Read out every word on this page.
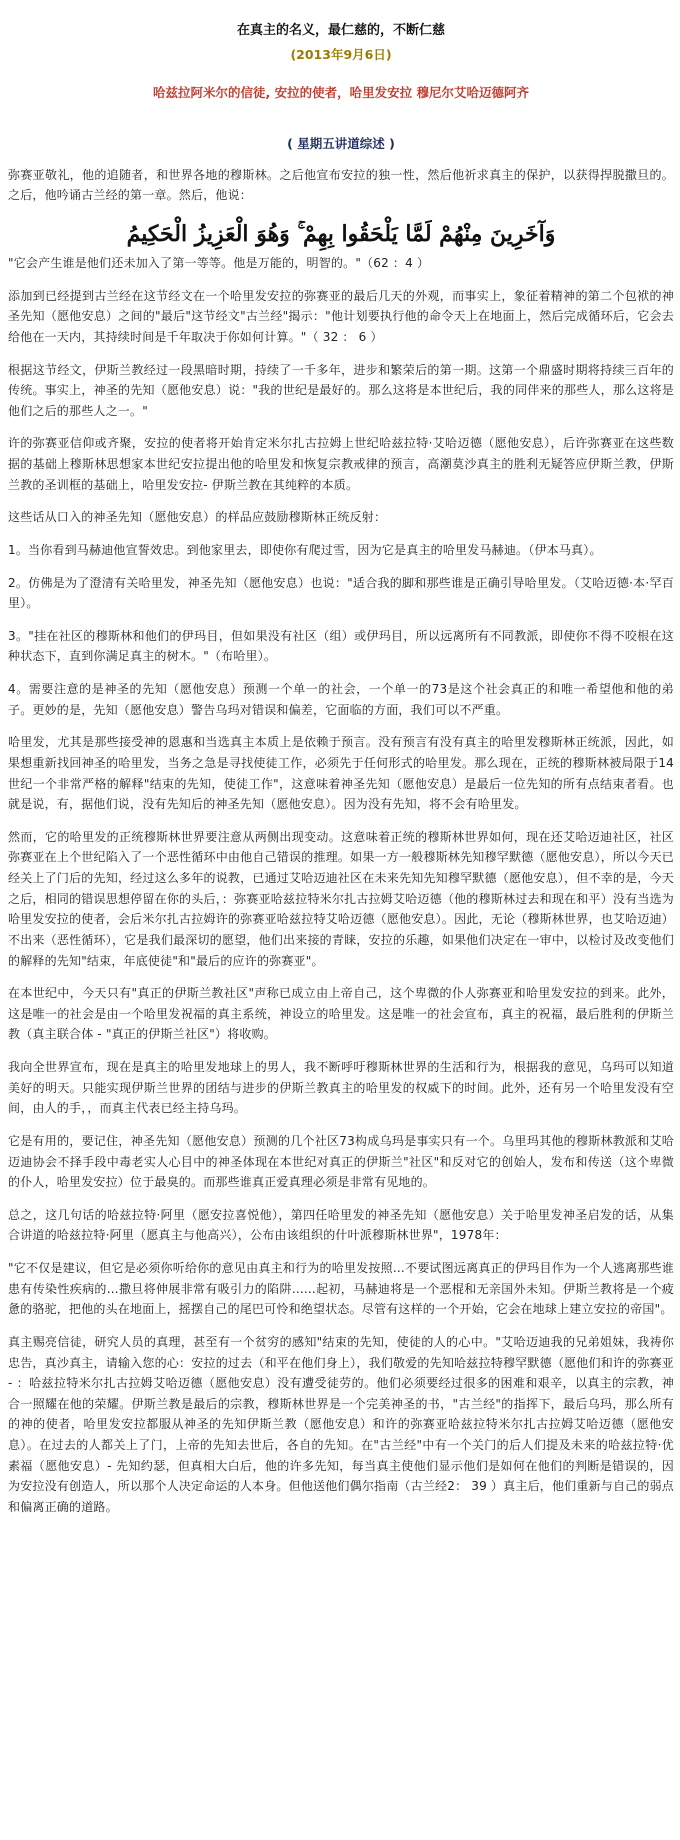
在真主的名义，最仁慈的，不断仁慈
(2013年9月6日)
哈兹拉阿米尔的信徒, 安拉的使者，哈里发安拉 穆尼尔艾哈迈德阿齐
( 星期五讲道综述 )

弥赛亚敬礼，他的追随者，和世界各地的穆斯林。之后他宣布安拉的独一性，然后他祈求真主的保护，以获得捍脱撒旦的。之后，他吟诵古兰经的第一章。然后，他说：

وَآخَرِينَ مِنْهُمْ لَمَّا يَلْحَقُوا بِهِمْ ۚ وَهُوَ الْعَزِيزُ الْحَكِيمُ

"它会产生谁是他们还未加入了第一等等。他是万能的，明智的。"（62 ：4 ）

添加到已经提到古兰经在这节经文在一个哈里发安拉的弥赛亚的最后几天的外观，而事实上，象征着精神的第二个包袱的神圣先知（愿他安息）之间的"最后"这节经文"古兰经"揭示："他计划要执行他的命令天上在地面上，然后完成循环后，它会去给他在一天内，其持续时间是千年取决于你如何计算。"（ 32 ： 6 ）

根据这节经文，伊斯兰教经过一段黑暗时期，持续了一千多年，进步和繁荣后的第一期。这第一个鼎盛时期将持续三百年的传统。事实上，神圣的先知（愿他安息）说："我的世纪是最好的。那么这将是本世纪后，我的同伴来的那些人，那么这将是他们之后的那些人之一。"

许的弥赛亚信仰或齐聚，安拉的使者将开始肯定米尔扎古拉姆上世纪哈兹拉特·艾哈迈德（愿他安息），后许弥赛亚在这些数据的基础上穆斯林思想家本世纪安拉提出他的哈里发和恢复宗教戒律的预言，高潮莫沙真主的胜利无疑答应伊斯兰教，伊斯兰教的圣训框的基础上，哈里发安拉- 伊斯兰教在其纯粹的本质。

这些话从口入的神圣先知（愿他安息）的样品应鼓励穆斯林正统反射：

1。当你看到马赫迪他宣誓效忠。到他家里去，即使你有爬过雪，因为它是真主的哈里发马赫迪。（伊本马真）。

2。仿佛是为了澄清有关哈里发，神圣先知（愿他安息）也说："适合我的脚和那些谁是正确引导哈里发。（艾哈迈德·本·罕百里）。

3。"挂在社区的穆斯林和他们的伊玛目，但如果没有社区（组）或伊玛目，所以远离所有不同教派，即使你不得不咬根在这种状态下，直到你满足真主的树木。"（布哈里）。

4。需要注意的是神圣的先知（愿他安息）预测一个单一的社会，一个单一的73是这个社会真正的和唯一希望他和他的弟子。更妙的是，先知（愿他安息）警告乌玛对错误和偏差，它面临的方面，我们可以不严重。

哈里发，尤其是那些接受神的恩惠和当选真主本质上是依赖于预言。没有预言有没有真主的哈里发穆斯林正统派，因此，如果想重新找回神圣的哈里发，当务之急是寻找使徒工作，必须先于任何形式的哈里发。那么现在，正统的穆斯林被局限于14世纪一个非常严格的解释"结束的先知，使徒工作"，这意味着神圣先知（愿他安息）是最后一位先知的所有点结束者看。也就是说，有，据他们说，没有先知后的神圣先知（愿他安息）。因为没有先知，将不会有哈里发。

然而，它的哈里发的正统穆斯林世界要注意从两侧出现变动。这意味着正统的穆斯林世界如何，现在还艾哈迈迪社区，社区弥赛亚在上个世纪陷入了一个恶性循环中由他自己错误的推理。如果一方一般穆斯林先知穆罕默德（愿他安息），所以今天已经关上了门后的先知，经过这么多年的说教，已通过艾哈迈迪社区在未来先知先知穆罕默德（愿他安息），但不幸的是，今天之后，相同的错误思想停留在你的头后，：弥赛亚哈兹拉特米尔扎古拉姆艾哈迈德（他的穆斯林过去和现在和平）没有当选为哈里发安拉的使者，会后米尔扎古拉姆许的弥赛亚哈兹拉特艾哈迈德（愿他安息）。因此，无论（穆斯林世界，也艾哈迈迪）不出来（恶性循环），它是我们最深切的愿望，他们出来接的青睐，安拉的乐趣，如果他们决定在一审中，以检讨及改变他们的解释的先知"结束，年底使徒"和"最后的应许的弥赛亚"。

在本世纪中，今天只有"真正的伊斯兰教社区"声称已成立由上帝自己，这个卑微的仆人弥赛亚和哈里发安拉的到来。此外，这是唯一的社会是由一个哈里发祝福的真主系统，神设立的哈里发。这是唯一的社会宣布，真主的祝福，最后胜利的伊斯兰教（真主联合体 - "真正的伊斯兰社区"）将收购。

我向全世界宣布，现在是真主的哈里发地球上的男人，我不断呼吁穆斯林世界的生活和行为，根据我的意见，乌玛可以知道美好的明天。只能实现伊斯兰世界的团结与进步的伊斯兰教真主的哈里发的权威下的时间。此外，还有另一个哈里发没有空间，由人的手，，而真主代表已经主持乌玛。

它是有用的，要记住，神圣先知（愿他安息）预测的几个社区73构成乌玛是事实只有一个。乌里玛其他的穆斯林教派和艾哈迈迪协会不择手段中毒老实人心目中的神圣体现在本世纪对真正的伊斯兰"社区"和反对它的创始人，发布和传送（这个卑微的仆人，哈里发安拉）位于最臭的。而那些谁真正爱真理必须是非常有见地的。

总之，这几句话的哈兹拉特·阿里（愿安拉喜悦他），第四任哈里发的神圣先知（愿他安息）关于哈里发神圣启发的话，从集合讲道的哈兹拉特·阿里（愿真主与他高兴），公布由该组织的什叶派穆斯林世界"，1978年：

"它不仅是建议，但它是必须你听给你的意见由真主和行为的哈里发按照...不要试图远离真正的伊玛目作为一个人逃离那些谁患有传染性疾病的...撒旦将伸展非常有吸引力的陷阱......起初，马赫迪将是一个恶棍和无亲国外未知。伊斯兰教将是一个疲惫的骆驼，把他的头在地面上，摇摆自己的尾巴可怜和绝望状态。尽管有这样的一个开始，它会在地球上建立安拉的帝国"。

真主赐亮信徒，研究人员的真理，甚至有一个贫穷的感知"结束的先知，使徒的人的心中。"艾哈迈迪我的兄弟姐妹，我祷你忠告，真沙真主，请输入您的心：安拉的过去（和平在他们身上），我们敬爱的先知哈兹拉特穆罕默德（愿他们和许的弥赛亚 - ：哈兹拉特米尔扎古拉姆艾哈迈德（愿他安息）没有遭受徒劳的。他们必须要经过很多的困难和艰辛，以真主的宗教，神合一照耀在他的荣耀。伊斯兰教是最后的宗教，穆斯林世界是一个完美神圣的书，"古兰经"的指挥下，最后乌玛，那么所有的神的使者，哈里发安拉都服从神圣的先知伊斯兰教（愿他安息）和许的弥赛亚哈兹拉特米尔扎古拉姆艾哈迈德（愿他安息）。在过去的人都关上了门，上帝的先知去世后，各自的先知。在"古兰经"中有一个关门的后人们提及未来的哈兹拉特·优素福（愿他安息）- 先知约瑟，但真相大白后，他的许多先知，每当真主使他们显示他们是如何在他们的判断是错误的，因为安拉没有创造人，所以那个人决定命运的人本身。但他送他们偶尔指南（古兰经2： 39 ）真主后，他们重新与自己的弱点和偏离正确的道路。
